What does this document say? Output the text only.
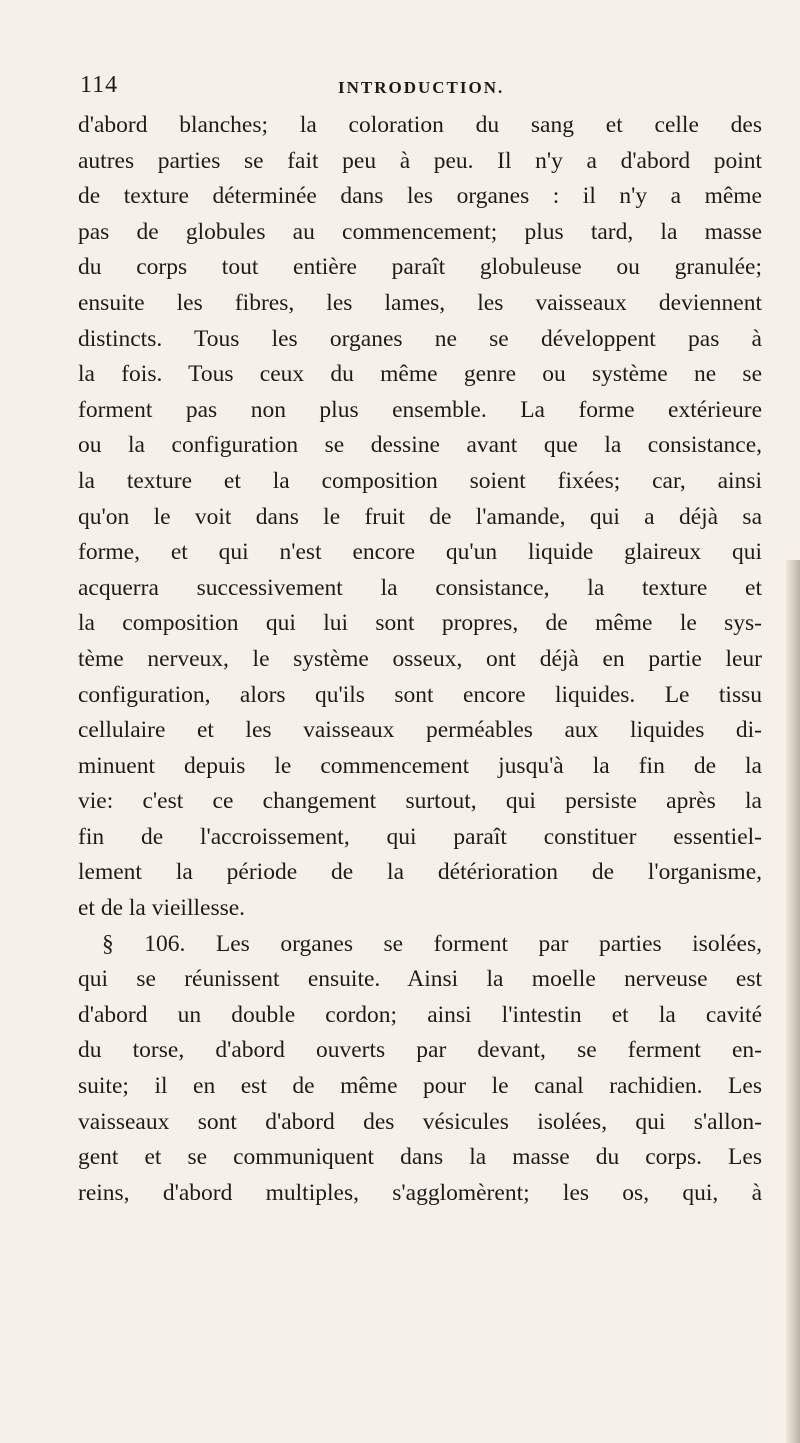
114	INTRODUCTION.
d'abord blanches; la coloration du sang et celle des
autres parties se fait peu à peu. Il n'y a d'abord point
de texture déterminée dans les organes : il n'y a même
pas de globules au commencement; plus tard, la masse
du corps tout entière paraît globuleuse ou granulée;
ensuite les fibres, les lames, les vaisseaux deviennent
distincts. Tous les organes ne se développent pas à
la fois. Tous ceux du même genre ou système ne se
forment pas non plus ensemble. La forme extérieure
ou la configuration se dessine avant que la consistance,
la texture et la composition soient fixées; car, ainsi
qu'on le voit dans le fruit de l'amande, qui a déjà sa
forme, et qui n'est encore qu'un liquide glaireux qui
acquerra successivement la consistance, la texture et
la composition qui lui sont propres, de même le sys-
tème nerveux, le système osseux, ont déjà en partie leur
configuration, alors qu'ils sont encore liquides. Le tissu
cellulaire et les vaisseaux perméables aux liquides di-
minuent depuis le commencement jusqu'à la fin de la
vie: c'est ce changement surtout, qui persiste après la
fin de l'accroissement, qui paraît constituer essentiel-
lement la période de la détérioration de l'organisme,
et de la vieillesse.
§ 106. Les organes se forment par parties isolées,
qui se réunissent ensuite. Ainsi la moelle nerveuse est
d'abord un double cordon; ainsi l'intestin et la cavité
du torse, d'abord ouverts par devant, se ferment en-
suite; il en est de même pour le canal rachidien. Les
vaisseaux sont d'abord des vésicules isolées, qui s'allon-
gent et se communiquent dans la masse du corps. Les
reins, d'abord multiples, s'agglomèrent; les os, qui, à
